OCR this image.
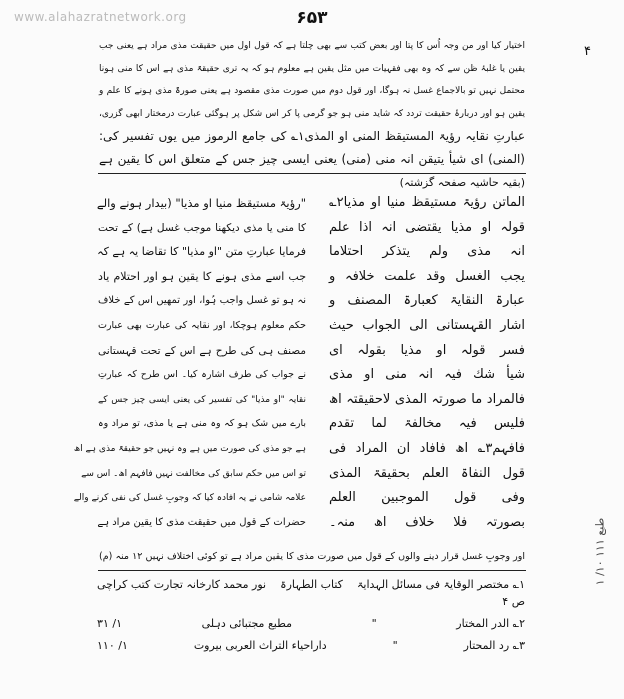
۶۵۳
۴
اختیار کیا اور من وجہ اُس کا پتا اور بعض کتب سے بھی چلتا ہے کہ قول اول میں حقیقت مذی مراد ہے یعنی جب
یقین یا غلبۂ ظن سے کہ وہ بھی فقہیات میں مثل یقین ہے معلوم ہو کہ یہ تری حقیقۃً مذی ہے اس کا منی ہونا
محتمل نہیں تو بالاجماع غسل نہ ہوگا، اور قول دوم میں صورت مذی مقصود ہے یعنی صورۃً مذی ہونے کا علم و
یقین ہو اور دربارۂ حقیقت تردد کہ شاید منی ہو جو گرمی پا کر اس شکل پر ہوگئی عبارت درمختار ابھی گزری،
عبارتِ نقایہ رؤیۃ المستیقظ المنی او المذی۱؎ کی جامع الرموز میں یوں تفسیر کی:
(المنی) ای شیأ یتیقن انہ منی (منی) یعنی ایسی چیز جس کے متعلق اس کا یقین ہے
(بقیہ حاشیہ صفحہ گزشتہ)
الماتن رؤیۃ مستیقظ منیا او مذیا۲؎
قولہ او مذیا یقتضی انہ اذا علم
انہ مذی ولم یتذکر احتلاما
یجب الغسل وقد علمت خلافہ و
عبارۃ النقایۃ کعبارۃ المصنف و
اشار القہستانی الی الجواب حیث
فسر قولہ او مذیا بقولہ ای
شیأ شك فیہ انہ منی او مذی
فالمراد ما صورتہ المذی لاحقیقتہ اھ
فلیس فیہ مخالفۃ لما تقدم
فافہم۳؎ اھ فافاد ان المراد فی
قول النفاۃ العلم بحقیقۃ المذی
وفی قول الموجبین العلم
بصورتہ فلا خلاف اھ منہ۔
"رؤیۃ مستیقظ منیا او مذیا" (بیدار ہونے والے
کا منی یا مذی دیکھنا موجب غسل ہے) کے تحت
فرمایا عبارتِ متن "او مذیا" کا تقاضا یہ ہے کہ
جب اسے مذی ہونے کا یقین ہو اور احتلام یاد
نہ ہو تو غسل واجب ہُوا، اور تمھیں اس کے خلاف
حکم معلوم ہوچکا، اور نقایہ کی عبارت بھی عبارت
مصنف ہی کی طرح ہے اس کے تحت قہستانی
نے جواب کی طرف اشارہ کیا۔ اس طرح کہ عبارتِ
نقایہ "او مذیا" کی تفسیر کی یعنی ایسی چیز جس کے
بارے میں شک ہو کہ وہ منی ہے یا مذی، تو مراد وہ
ہے جو مذی کی صورت میں ہے وہ نہیں جو حقیقۃً مذی ہے اھ
تو اس میں حکم سابق کی مخالفت نہیں فافہم اھ۔ اس سے
علامہ شامی نے یہ افادہ کیا کہ وجوبِ غسل کی نفی کرنے والے
حضرات کے قول میں حقیقت مذی کا یقین مراد ہے
اور وجوبِ غسل قرار دینے والوں کے قول میں صورت مذی کا یقین مراد ہے تو کوئی اختلاف نہیں ۱۲ منہ (م)
۱؎ مختصر الوقایۃ فی مسائل الہدایۃ
کتاب الطہارۃ
نور محمد کارخانہ تجارت کتب کراچی
ص ۴
۲؎ الدر المختار
"
مطبع مجتبائی دہلی
۱/ ۳۱
۳؎ رد المحتار
"
داراحیاء التراث العربی بیروت
۱/ ۱۱۰
www.alahazratnetwork.org
طبع ۱۱۱ ۱۰/ ۱
